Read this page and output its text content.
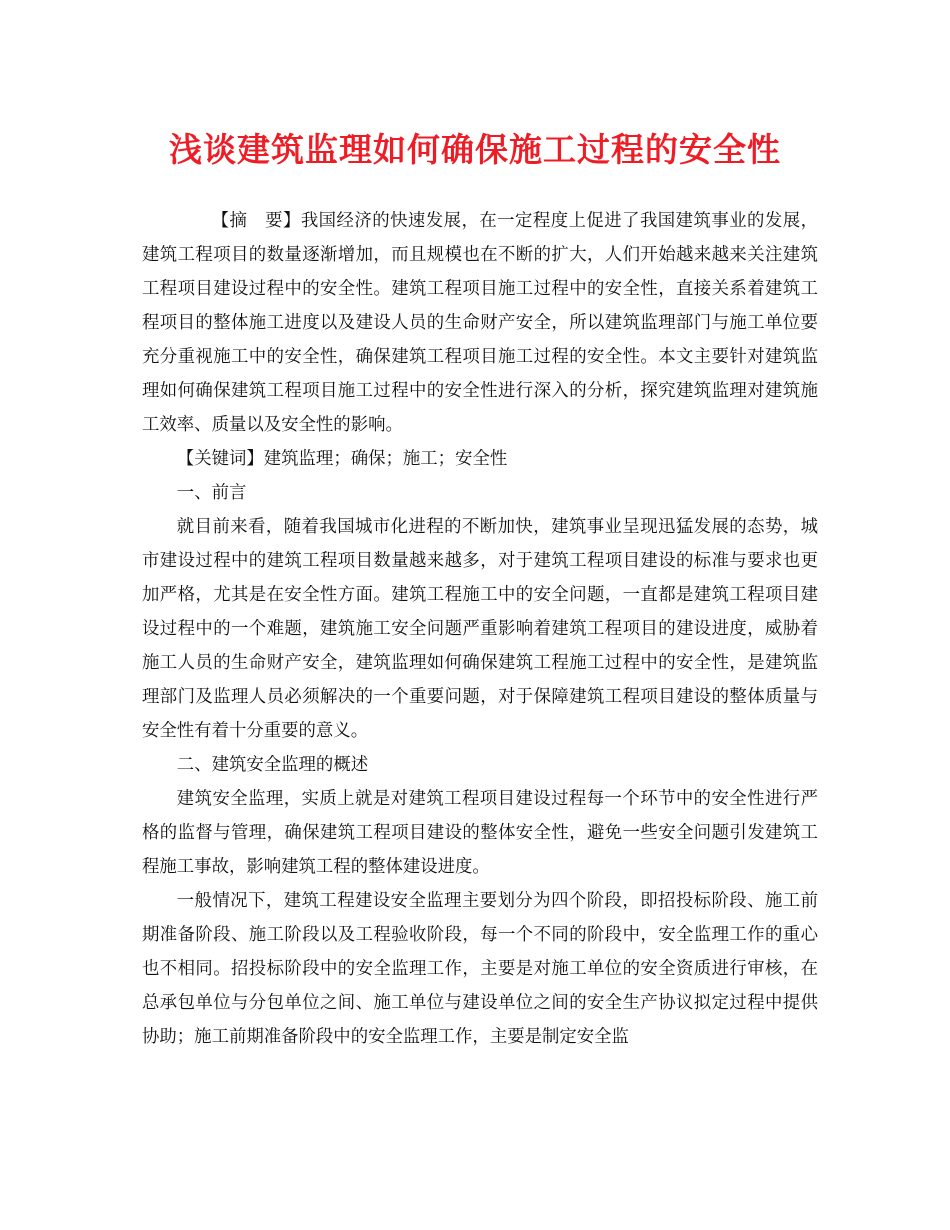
浅谈建筑监理如何确保施工过程的安全性

【摘　要】我国经济的快速发展，在一定程度上促进了我国建筑事业的发展，建筑工程项目的数量逐渐增加，而且规模也在不断的扩大，人们开始越来越来关注建筑工程项目建设过程中的安全性。建筑工程项目施工过程中的安全性，直接关系着建筑工程项目的整体施工进度以及建设人员的生命财产安全，所以建筑监理部门与施工单位要充分重视施工中的安全性，确保建筑工程项目施工过程的安全性。本文主要针对建筑监理如何确保建筑工程项目施工过程中的安全性进行深入的分析，探究建筑监理对建筑施工效率、质量以及安全性的影响。

【关键词】建筑监理；确保；施工；安全性

一、前言

就目前来看，随着我国城市化进程的不断加快，建筑事业呈现迅猛发展的态势，城市建设过程中的建筑工程项目数量越来越多，对于建筑工程项目建设的标准与要求也更加严格，尤其是在安全性方面。建筑工程施工中的安全问题，一直都是建筑工程项目建设过程中的一个难题，建筑施工安全问题严重影响着建筑工程项目的建设进度，威胁着施工人员的生命财产安全，建筑监理如何确保建筑工程施工过程中的安全性，是建筑监理部门及监理人员必须解决的一个重要问题，对于保障建筑工程项目建设的整体质量与安全性有着十分重要的意义。

二、建筑安全监理的概述

建筑安全监理，实质上就是对建筑工程项目建设过程每一个环节中的安全性进行严格的监督与管理，确保建筑工程项目建设的整体安全性，避免一些安全问题引发建筑工程施工事故，影响建筑工程的整体建设进度。

一般情况下，建筑工程建设安全监理主要划分为四个阶段，即招投标阶段、施工前期准备阶段、施工阶段以及工程验收阶段，每一个不同的阶段中，安全监理工作的重心也不相同。招投标阶段中的安全监理工作，主要是对施工单位的安全资质进行审核，在总承包单位与分包单位之间、施工单位与建设单位之间的安全生产协议拟定过程中提供协助；施工前期准备阶段中的安全监理工作，主要是制定安全监
